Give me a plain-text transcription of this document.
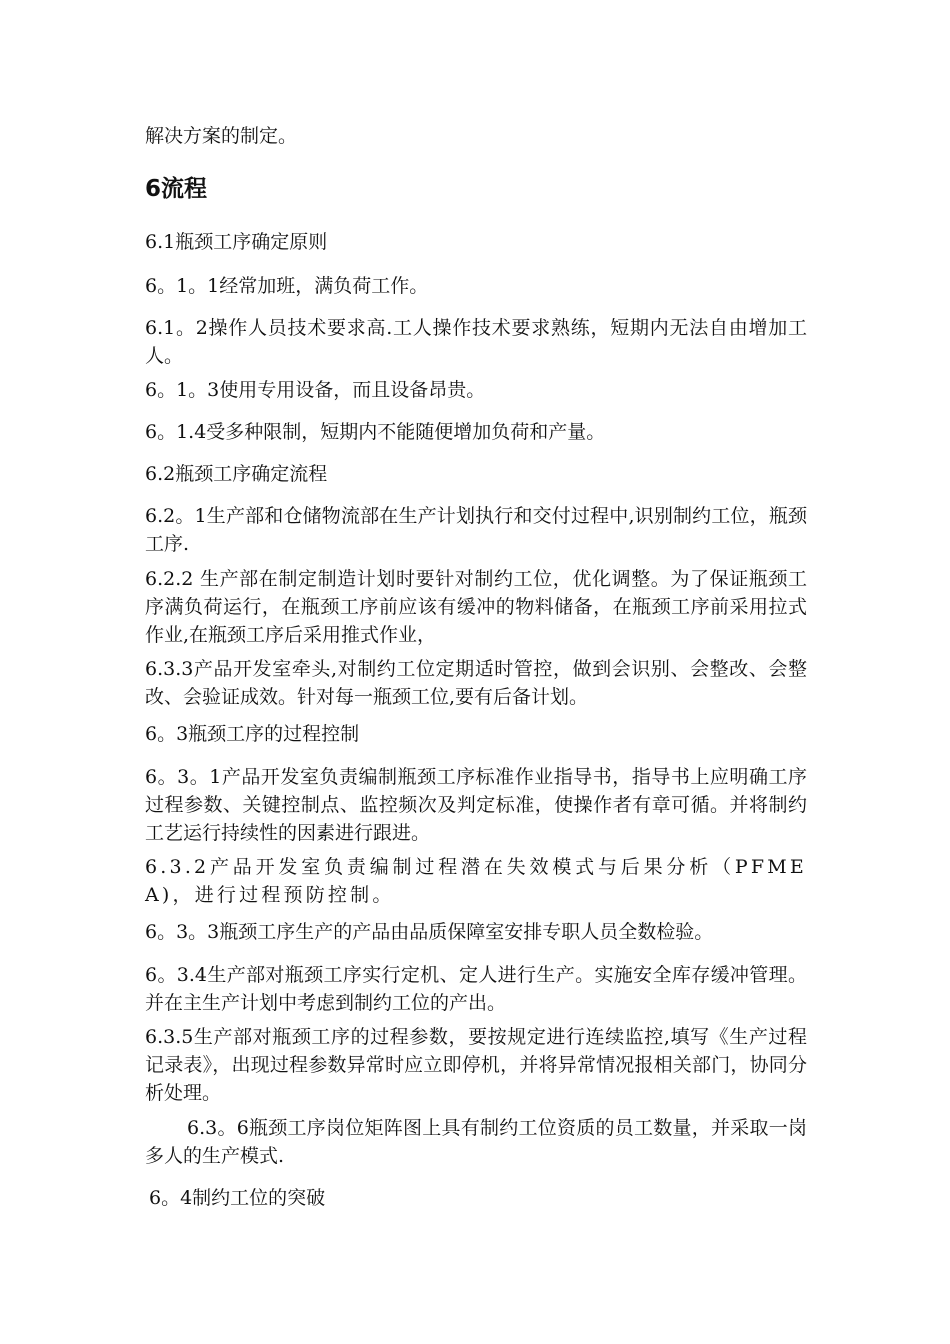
解决方案的制定。

6流程

6.1瓶颈工序确定原则

6。1。1经常加班，满负荷工作。

6.1。2操作人员技术要求高.工人操作技术要求熟练，短期内无法自由增加工人。

6。1。3使用专用设备，而且设备昂贵。

6。1.4受多种限制，短期内不能随便增加负荷和产量。

6.2瓶颈工序确定流程

6.2。1生产部和仓储物流部在生产计划执行和交付过程中,识别制约工位，瓶颈工序.

6.2.2 生产部在制定制造计划时要针对制约工位，优化调整。为了保证瓶颈工序满负荷运行，在瓶颈工序前应该有缓冲的物料储备，在瓶颈工序前采用拉式作业,在瓶颈工序后采用推式作业，

6.3.3产品开发室牵头,对制约工位定期适时管控，做到会识别、会整改、会整改、会验证成效。针对每一瓶颈工位,要有后备计划。

6。3瓶颈工序的过程控制

6。3。1产品开发室负责编制瓶颈工序标准作业指导书，指导书上应明确工序过程参数、关键控制点、监控频次及判定标准，使操作者有章可循。并将制约工艺运行持续性的因素进行跟进。

6.3.2产品开发室负责编制过程潜在失效模式与后果分析（PFMEA)，进行过程预防控制。

6。3。3瓶颈工序生产的产品由品质保障室安排专职人员全数检验。

6。3.4生产部对瓶颈工序实行定机、定人进行生产。实施安全库存缓冲管理。并在主生产计划中考虑到制约工位的产出。

6.3.5生产部对瓶颈工序的过程参数，要按规定进行连续监控,填写《生产过程记录表》，出现过程参数异常时应立即停机，并将异常情况报相关部门，协同分析处理。

6.3。6瓶颈工序岗位矩阵图上具有制约工位资质的员工数量，并采取一岗多人的生产模式.

6。4制约工位的突破
